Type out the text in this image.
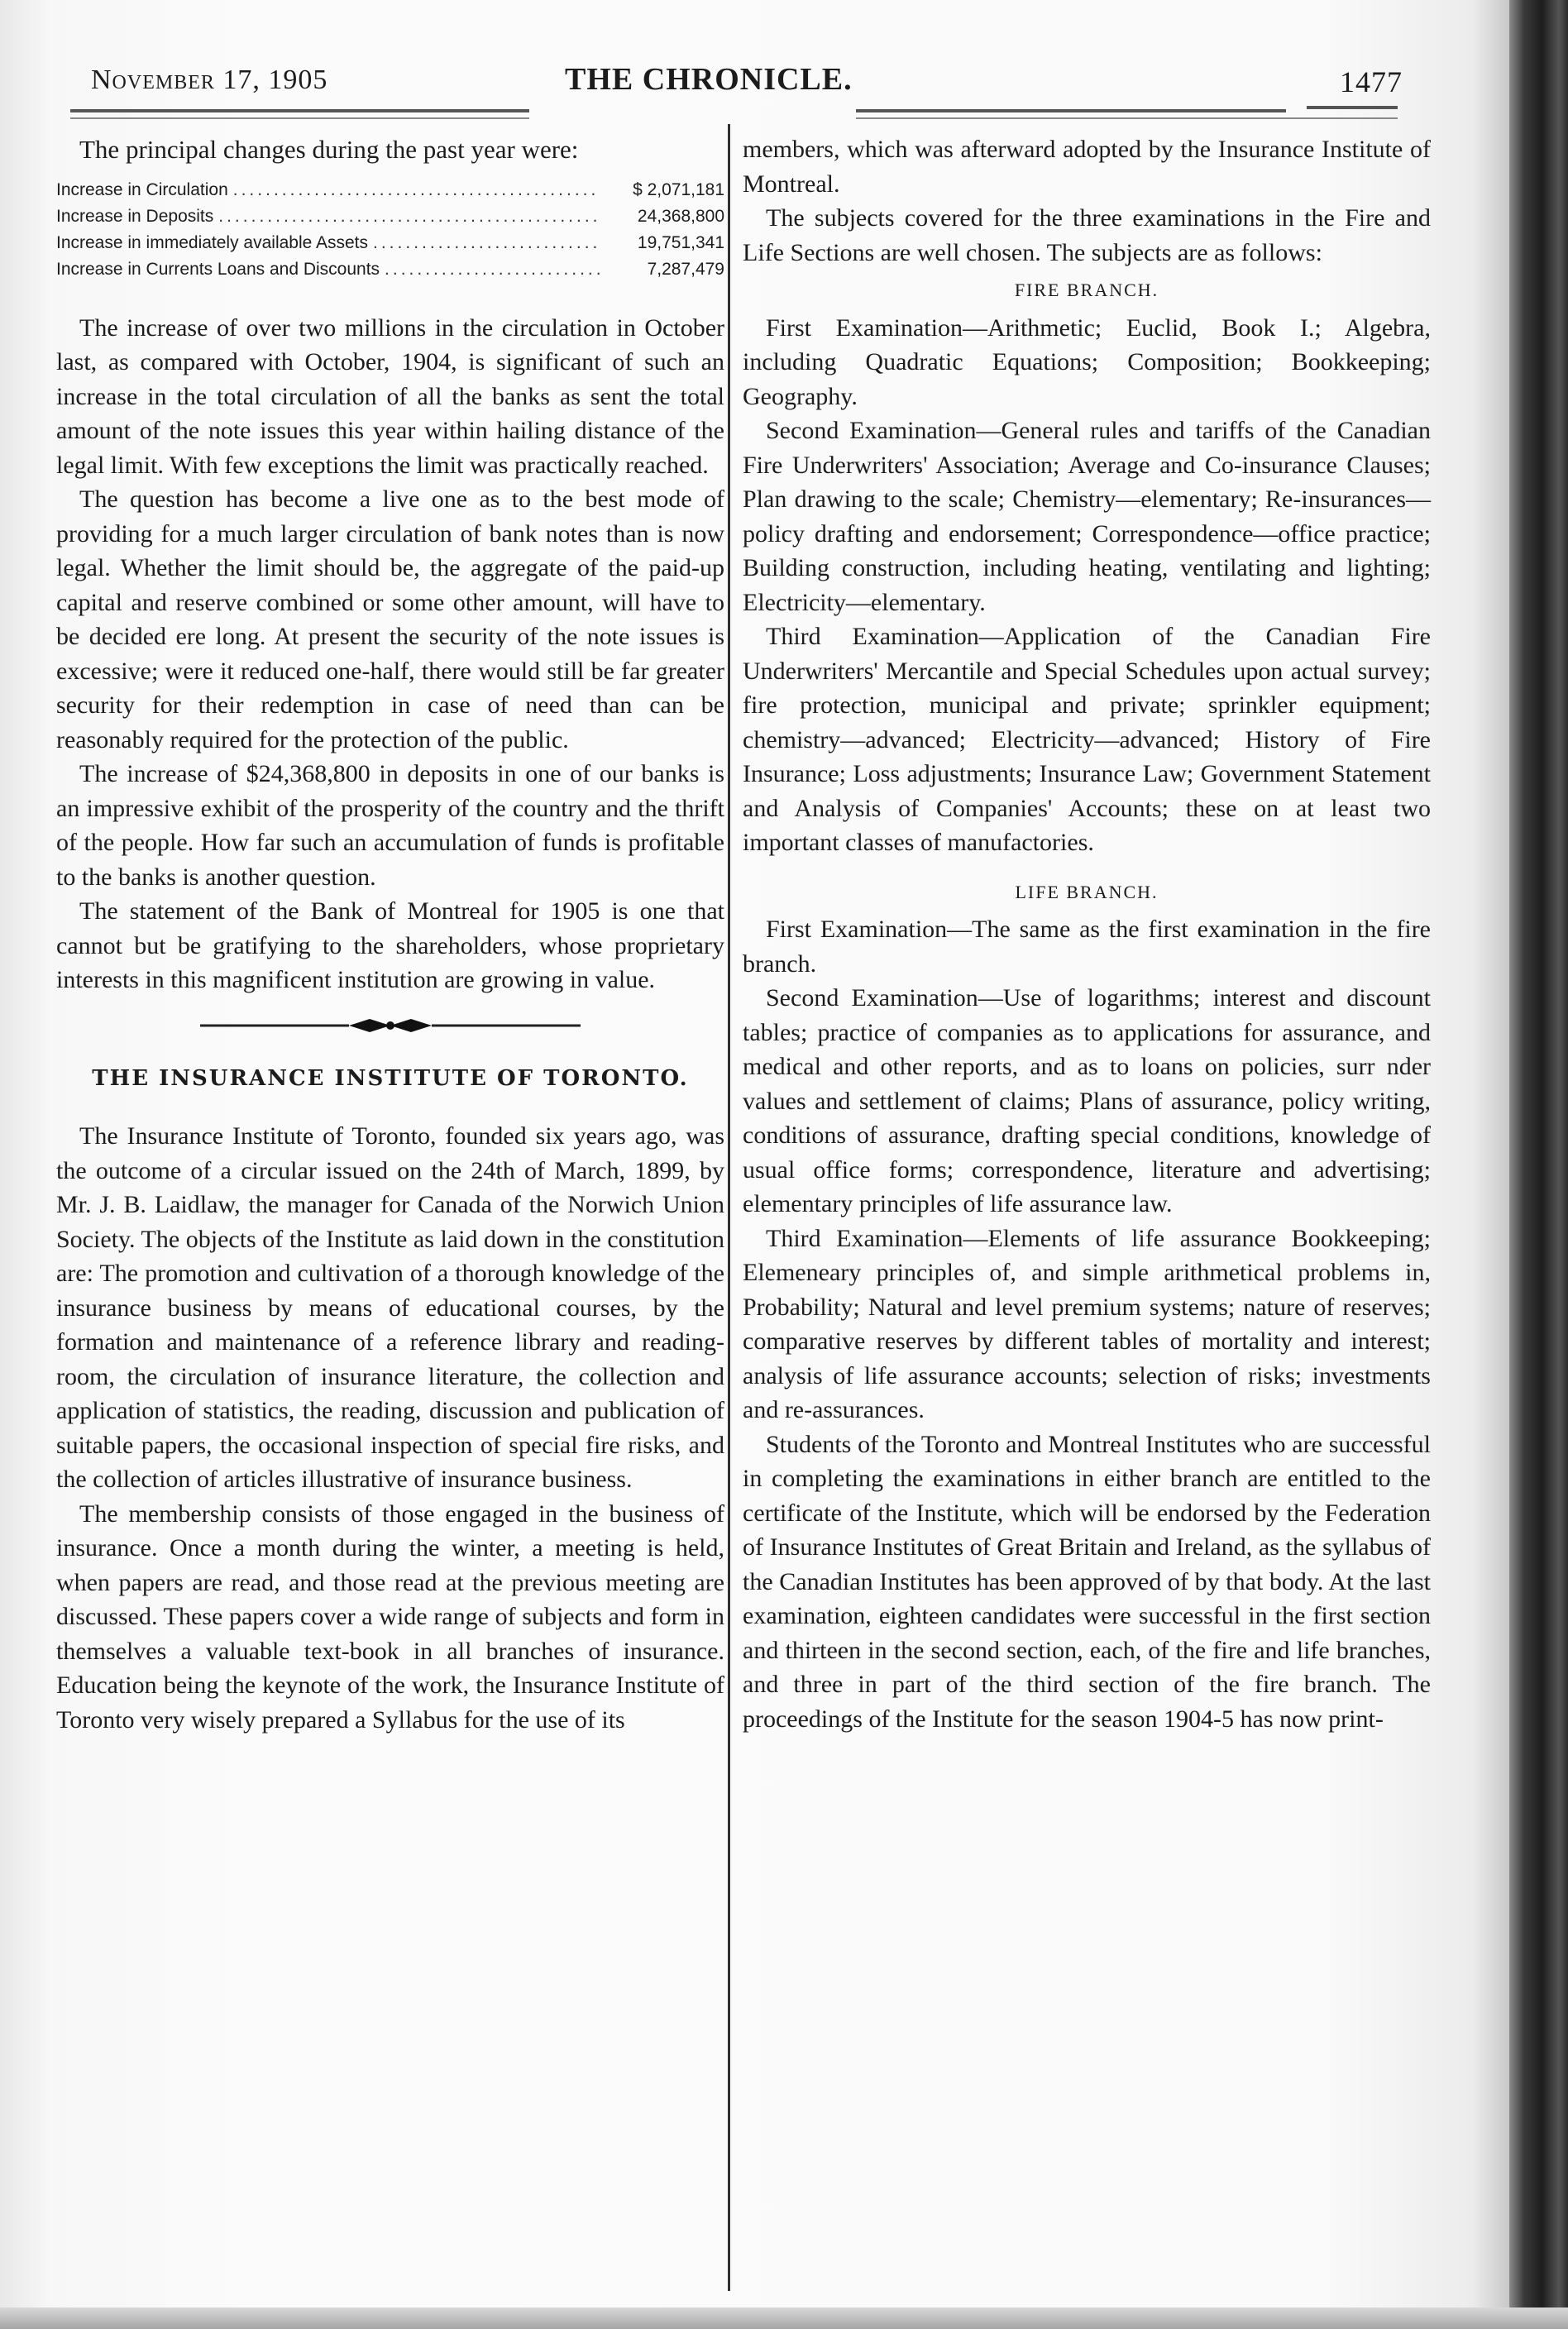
November 17, 1905	THE CHRONICLE.	1477

The principal changes during the past year were:

Increase in Circulation .....	$ 2,071,181
Increase in Deposits .....	24,368,800
Increase in immediately available Assets .....	19,751,341
Increase in Currents Loans and Discounts .....	7,287,479

The increase of over two millions in the circulation in October last, as compared with October, 1904, is significant of such an increase in the total circulation of all the banks as sent the total amount of the note issues this year within hailing distance of the legal limit. With few exceptions the limit was practically reached.

The question has become a live one as to the best mode of providing for a much larger circulation of bank notes than is now legal. Whether the limit should be, the aggregate of the paid-up capital and reserve combined or some other amount, will have to be decided ere long. At present the security of the note issues is excessive; were it reduced one-half, there would still be far greater security for their redemption in case of need than can be reasonably required for the protection of the public.

The increase of $24,368,800 in deposits in one of our banks is an impressive exhibit of the prosperity of the country and the thrift of the people. How far such an accumulation of funds is profitable to the banks is another question.

The statement of the Bank of Montreal for 1905 is one that cannot but be gratifying to the shareholders, whose proprietary interests in this magnificent institution are growing in value.

THE INSURANCE INSTITUTE OF TORONTO.

The Insurance Institute of Toronto, founded six years ago, was the outcome of a circular issued on the 24th of March, 1899, by Mr. J. B. Laidlaw, the manager for Canada of the Norwich Union Society. The objects of the Institute as laid down in the constitution are: The promotion and cultivation of a thorough knowledge of the insurance business by means of educational courses, by the formation and maintenance of a reference library and reading-room, the circulation of insurance literature, the collection and application of statistics, the reading, discussion and publication of suitable papers, the occasional inspection of special fire risks, and the collection of articles illustrative of insurance business.

The membership consists of those engaged in the business of insurance. Once a month during the winter, a meeting is held, when papers are read, and those read at the previous meeting are discussed. These papers cover a wide range of subjects and form in themselves a valuable text-book in all branches of insurance. Education being the keynote of the work, the Insurance Institute of Toronto very wisely prepared a Syllabus for the use of its

members, which was afterward adopted by the Insurance Institute of Montreal.

The subjects covered for the three examinations in the Fire and Life Sections are well chosen. The subjects are as follows:

FIRE BRANCH.

First Examination—Arithmetic; Euclid, Book I.; Algebra, including Quadratic Equations; Composition; Bookkeeping; Geography.

Second Examination—General rules and tariffs of the Canadian Fire Underwriters' Association; Average and Co-insurance Clauses; Plan drawing to the scale; Chemistry—elementary; Re-insurances—policy drafting and endorsement; Correspondence—office practice; Building construction, including heating, ventilating and lighting; Electricity—elementary.

Third Examination—Application of the Canadian Fire Underwriters' Mercantile and Special Schedules upon actual survey; fire protection, municipal and private; sprinkler equipment; chemistry—advanced; Electricity—advanced; History of Fire Insurance; Loss adjustments; Insurance Law; Government Statement and Analysis of Companies' Accounts; these on at least two important classes of manufactories.

LIFE BRANCH.

First Examination—The same as the first examination in the fire branch.

Second Examination—Use of logarithms; interest and discount tables; practice of companies as to applications for assurance, and medical and other reports, and as to loans on policies, surr nder values and settlement of claims; Plans of assurance, policy writing, conditions of assurance, drafting special conditions, knowledge of usual office forms; correspondence, literature and advertising; elementary principles of life assurance law.

Third Examination—Elements of life assurance Bookkeeping; Elemeneary principles of, and simple arithmetical problems in, Probability; Natural and level premium systems; nature of reserves; comparative reserves by different tables of mortality and interest; analysis of life assurance accounts; selection of risks; investments and re-assurances.

Students of the Toronto and Montreal Institutes who are successful in completing the examinations in either branch are entitled to the certificate of the Institute, which will be endorsed by the Federation of Insurance Institutes of Great Britain and Ireland, as the syllabus of the Canadian Institutes has been approved of by that body. At the last examination, eighteen candidates were successful in the first section and thirteen in the second section, each, of the fire and life branches, and three in part of the third section of the fire branch. The proceedings of the Institute for the season 1904-5 has now print-
